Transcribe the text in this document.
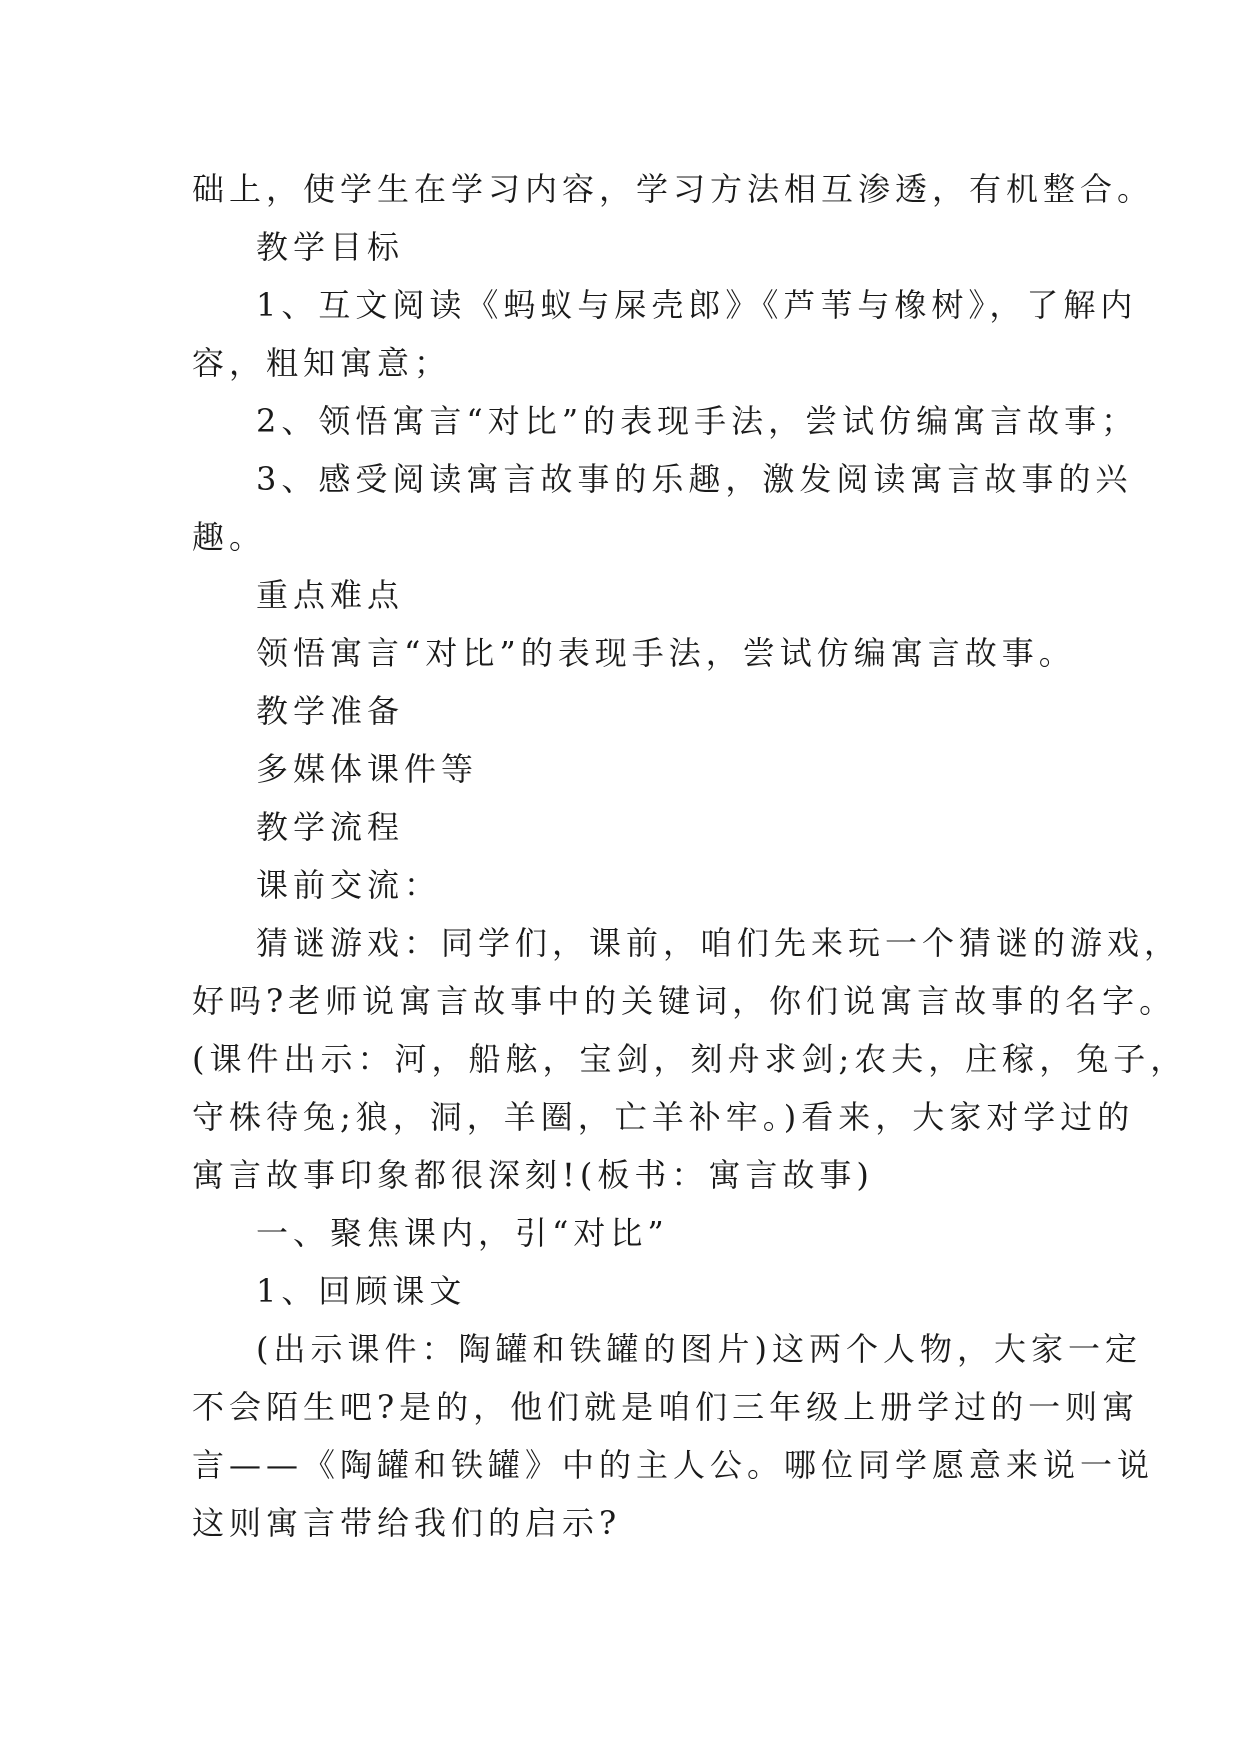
础上，使学生在学习内容，学习方法相互渗透，有机整合。
教学目标
1、互文阅读《蚂蚁与屎壳郎》《芦苇与橡树》，了解内
容，粗知寓意；
2、领悟寓言“对比”的表现手法，尝试仿编寓言故事；
3、感受阅读寓言故事的乐趣，激发阅读寓言故事的兴
趣。
重点难点
领悟寓言“对比”的表现手法，尝试仿编寓言故事。
教学准备
多媒体课件等
教学流程
课前交流：
猜谜游戏：同学们，课前，咱们先来玩一个猜谜的游戏，
好吗?老师说寓言故事中的关键词，你们说寓言故事的名字。
(课件出示：河，船舷，宝剑，刻舟求剑;农夫，庄稼，兔子，
守株待兔;狼，洞，羊圈，亡羊补牢。)看来，大家对学过的
寓言故事印象都很深刻!(板书：寓言故事)
一、聚焦课内，引“对比”
1、回顾课文
(出示课件：陶罐和铁罐的图片)这两个人物，大家一定
不会陌生吧?是的，他们就是咱们三年级上册学过的一则寓
言——《陶罐和铁罐》中的主人公。哪位同学愿意来说一说
这则寓言带给我们的启示?
